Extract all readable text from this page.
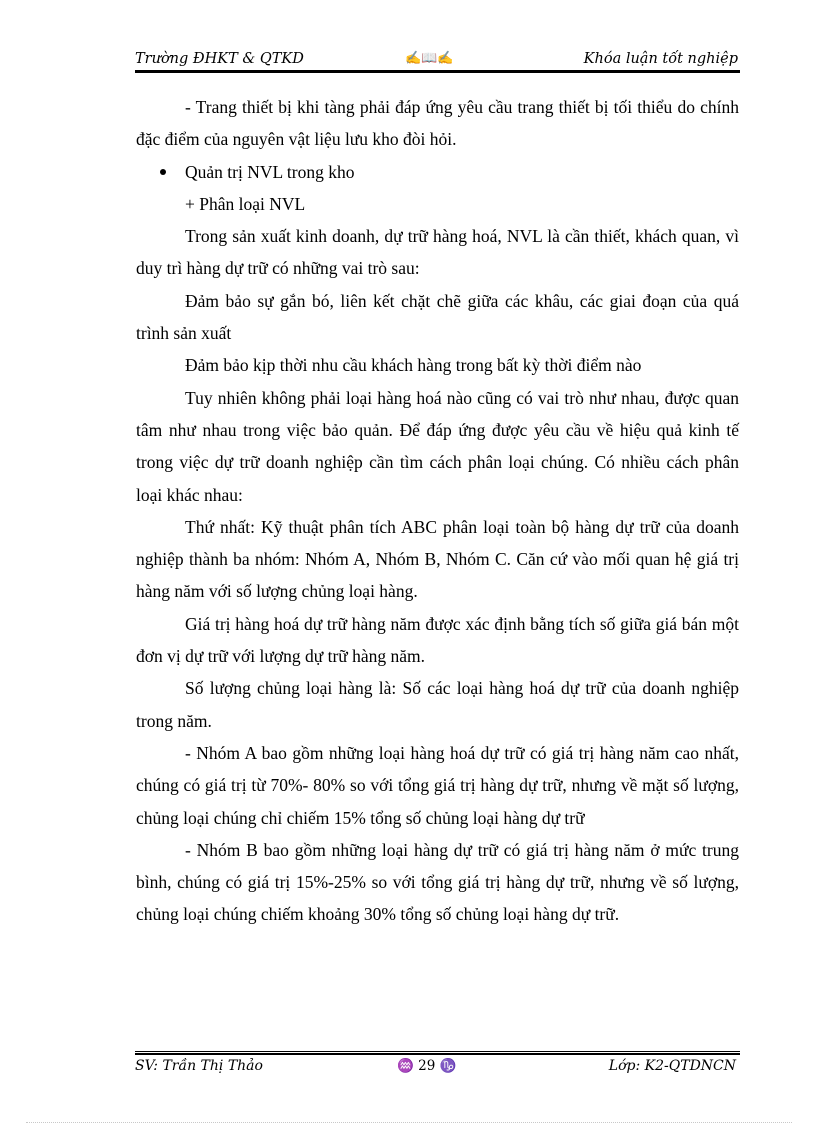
Trường ĐHKT & QTKD	✍📖✍	Khóa luận tốt nghiệp

- Trang thiết bị khi tàng phải đáp ứng yêu cầu trang thiết bị tối thiểu do chính đặc điểm của nguyên vật liệu lưu kho đòi hỏi.

Quản trị NVL trong kho

+ Phân loại NVL

Trong sản xuất kinh doanh, dự trữ hàng hoá, NVL là cần thiết, khách quan, vì duy trì hàng dự trữ có những vai trò sau:

Đảm bảo sự gắn bó, liên kết chặt chẽ giữa các khâu, các giai đoạn của quá trình sản xuất

Đảm bảo kịp thời nhu cầu khách hàng trong bất kỳ thời điểm nào

Tuy nhiên không phải loại hàng hoá nào cũng có vai trò như nhau, được quan tâm như nhau trong việc bảo quản. Để đáp ứng được yêu cầu về hiệu quả kinh tế trong việc dự trữ doanh nghiệp cần tìm cách phân loại chúng. Có nhiều cách phân loại khác nhau:

Thứ nhất: Kỹ thuật phân tích ABC phân loại toàn bộ hàng dự trữ của doanh nghiệp thành ba nhóm: Nhóm A, Nhóm B, Nhóm C. Căn cứ vào mối quan hệ giá trị hàng năm với số lượng chủng loại hàng.

Giá trị hàng hoá dự trữ hàng năm được xác định bằng tích số giữa giá bán một đơn vị dự trữ với lượng dự trữ hàng năm.

Số lượng chủng loại hàng là: Số các loại hàng hoá dự trữ của doanh nghiệp trong năm.

- Nhóm A bao gồm những loại hàng hoá dự trữ có giá trị hàng năm cao nhất, chúng có giá trị từ 70%- 80% so với tổng giá trị hàng dự trữ, nhưng về mặt số lượng, chủng loại chúng chỉ chiếm 15% tổng số chủng loại hàng dự trữ

- Nhóm B bao gồm những loại hàng dự trữ có giá trị hàng năm ở mức trung bình, chúng có giá trị 15%-25% so với tổng giá trị hàng dự trữ, nhưng về số lượng, chủng loại chúng chiếm khoảng 30% tổng số chủng loại hàng dự trữ.

SV: Trần Thị Thảo	♒ 29 ♑	Lớp: K2-QTDNCN
